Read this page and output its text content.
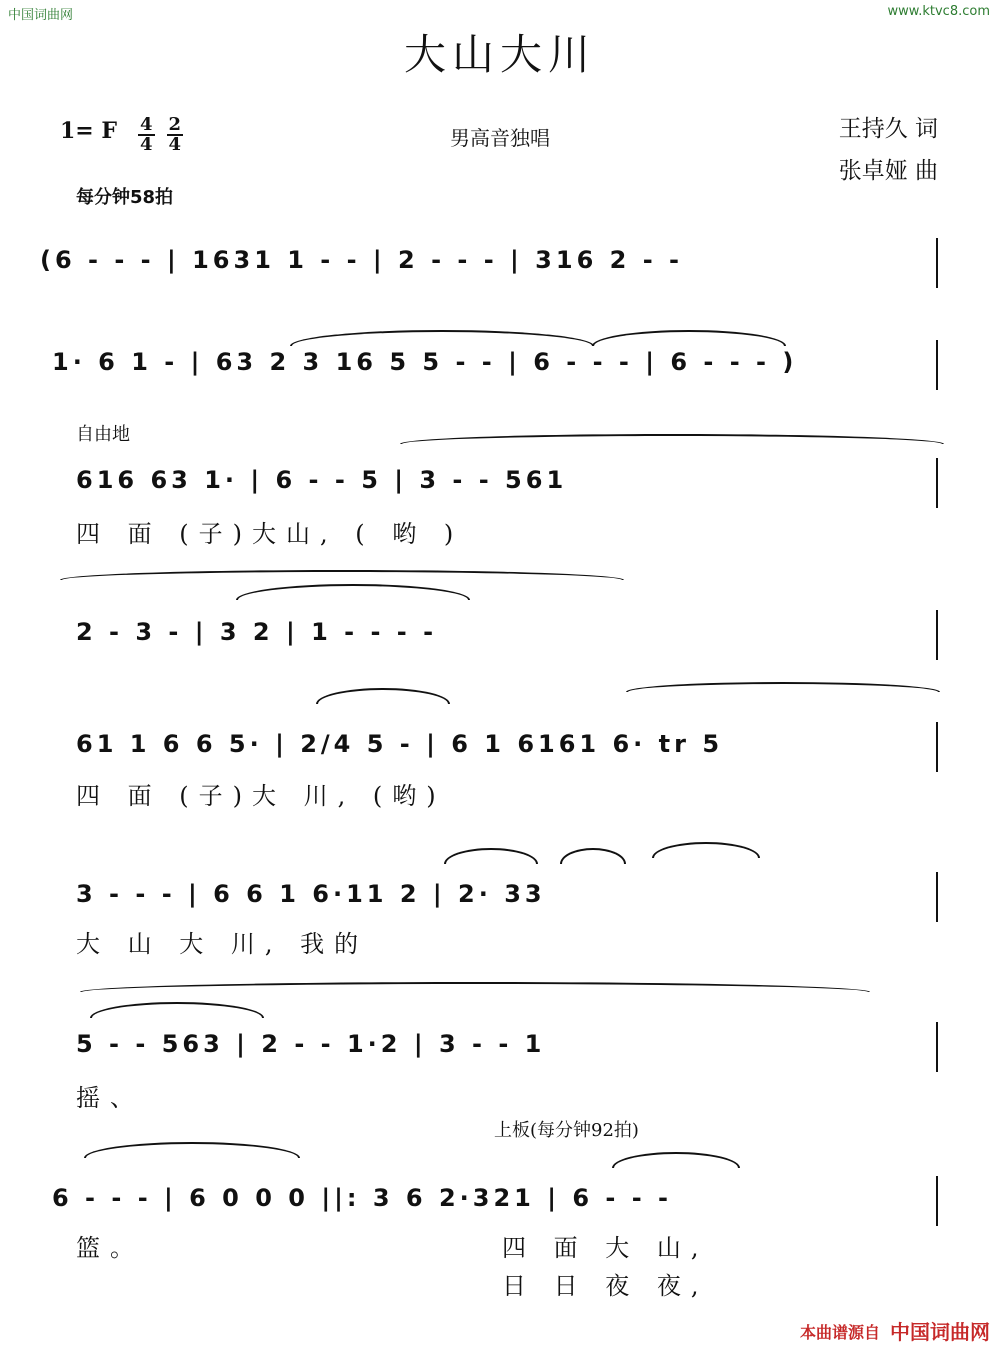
中国词曲网	www.ktvc8.com
大山大川
1= F $\frac{4}{4} \frac{2}{4}$	男高音独唱	王持久 词
张卓娅 曲
每分钟58拍
(6 - - - | 1631 1 - - | 2 - - - | 316 2 - -
1· 6 1 - | 63 2 3 16 5 5 - - | 6 - - - | 6 - - - )
自由地
616 63 1· | 6 - - 5 | 3 - - 561
四 面 (子)大山, ( 哟 )
2 - 3 - | 3 2 | 1 - - - -
61 1 6 6 5· | 2/4 5 - | 6 1 6161 6· tr 5
四 面 (子)大 川, (哟)
3 - - - | 6 6 1 6·11 2 | 2· 33
大 山 大 川, 我的
5 - - 563 | 2 - - 1·2 | 3 - - 1
摇、
上板(每分钟92拍)
6 - - - | 6 0 0 0 ||: 3 6 2·321 | 6 - - -
篮。	四 面 大 山,
日 日 夜 夜,
本曲谱源自 中国词曲网
